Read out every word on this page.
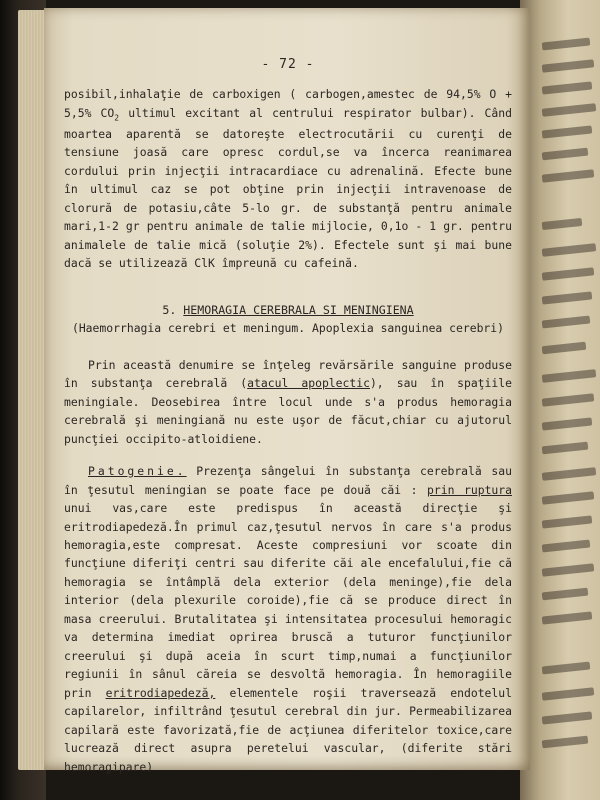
- 72 -

posibil,inhalaţie de carboxigen ( carbogen,amestec de 94,5% O + 5,5% $CO_2$ ultimul excitant al centrului respirator bulbar). Când moartea aparentă se datoreşte electrocutării cu curenţi de tensiune joasă care opresc cordul,se va încerca reanimarea cordului prin injecţii intracardiace cu adrenalină. Efecte bune în ultimul caz se pot obţine prin injecţii intravenoase de clorură de potasiu,câte 5-lo gr. de substanţă pentru animale mari,1-2 gr pentru animale de talie mijlocie, 0,1o - 1 gr. pentru animalele de talie mică (soluţie 2%). Efectele sunt şi mai bune dacă se utilizează ClK împreună cu cafeină.

5. HEMORAGIA CEREBRALA SI MENINGIENA

(Haemorrhagia cerebri et meningum. Apoplexia sanguinea cerebri)

Prin această denumire se înţeleg revărsările sanguine produse în substanţa cerebrală (atacul apoplectic), sau în spaţiile meningiale. Deosebirea între locul unde s'a produs hemoragia cerebrală şi meningiană nu este uşor de făcut,chiar cu ajutorul puncţiei occipito-atloidiene.

Patogenie. Prezenţa sângelui în substanţa cerebrală sau în ţesutul meningian se poate face pe două căi : prin ruptura unui vas,care este predispus în această direcţie şi eritrodiapedeză.În primul caz,ţesutul nervos în care s'a produs hemoragia,este compresat. Aceste compresiuni vor scoate din funcţiune diferiţi centri sau diferite căi ale encefalului,fie că hemoragia se întâmplă dela exterior (dela meninge),fie dela interior (dela plexurile coroide),fie că se produce direct în masa creerului. Brutalitatea şi intensitatea procesului hemoragic va determina imediat oprirea bruscă a tuturor funcţiunilor creerului şi după aceia în scurt timp,numai a funcţiunilor regiunii în sânul căreia se desvoltă hemoragia. În hemoragiile prin eritrodiapedeză, elementele roşii traversează endotelul capilarelor, infiltrând ţesutul cerebral din jur. Permeabilizarea capilară este favorizată,fie de acţiunea diferitelor toxice,care lucrează direct asupra peretelui vascular, (diferite stări hemoragipare)
